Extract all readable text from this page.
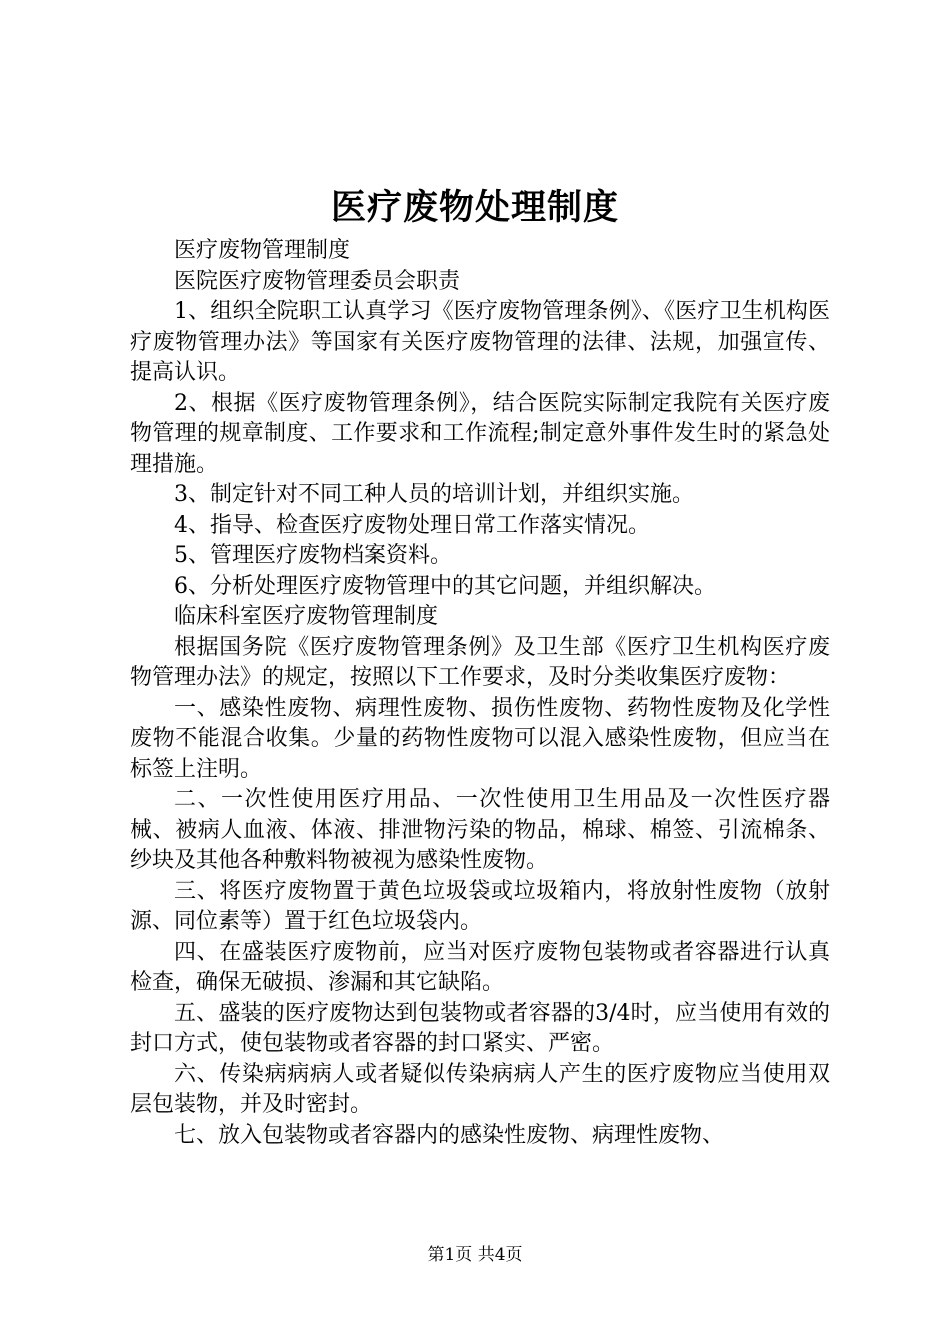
医疗废物处理制度

医疗废物管理制度

医院医疗废物管理委员会职责

1、组织全院职工认真学习《医疗废物管理条例》、《医疗卫生机构医疗废物管理办法》等国家有关医疗废物管理的法律、法规，加强宣传、提高认识。

2、根据《医疗废物管理条例》，结合医院实际制定我院有关医疗废物管理的规章制度、工作要求和工作流程;制定意外事件发生时的紧急处理措施。

3、制定针对不同工种人员的培训计划，并组织实施。

4、指导、检查医疗废物处理日常工作落实情况。

5、管理医疗废物档案资料。

6、分析处理医疗废物管理中的其它问题，并组织解决。

临床科室医疗废物管理制度

根据国务院《医疗废物管理条例》及卫生部《医疗卫生机构医疗废物管理办法》的规定，按照以下工作要求，及时分类收集医疗废物：

一、感染性废物、病理性废物、损伤性废物、药物性废物及化学性废物不能混合收集。少量的药物性废物可以混入感染性废物，但应当在标签上注明。

二、一次性使用医疗用品、一次性使用卫生用品及一次性医疗器械、被病人血液、体液、排泄物污染的物品，棉球、棉签、引流棉条、纱块及其他各种敷料物被视为感染性废物。

三、将医疗废物置于黄色垃圾袋或垃圾箱内，将放射性废物（放射源、同位素等）置于红色垃圾袋内。

四、在盛装医疗废物前，应当对医疗废物包装物或者容器进行认真检查，确保无破损、渗漏和其它缺陷。

五、盛装的医疗废物达到包装物或者容器的3/4时，应当使用有效的封口方式，使包装物或者容器的封口紧实、严密。

六、传染病病病人或者疑似传染病病人产生的医疗废物应当使用双层包装物，并及时密封。

七、放入包装物或者容器内的感染性废物、病理性废物、

第1页 共4页
